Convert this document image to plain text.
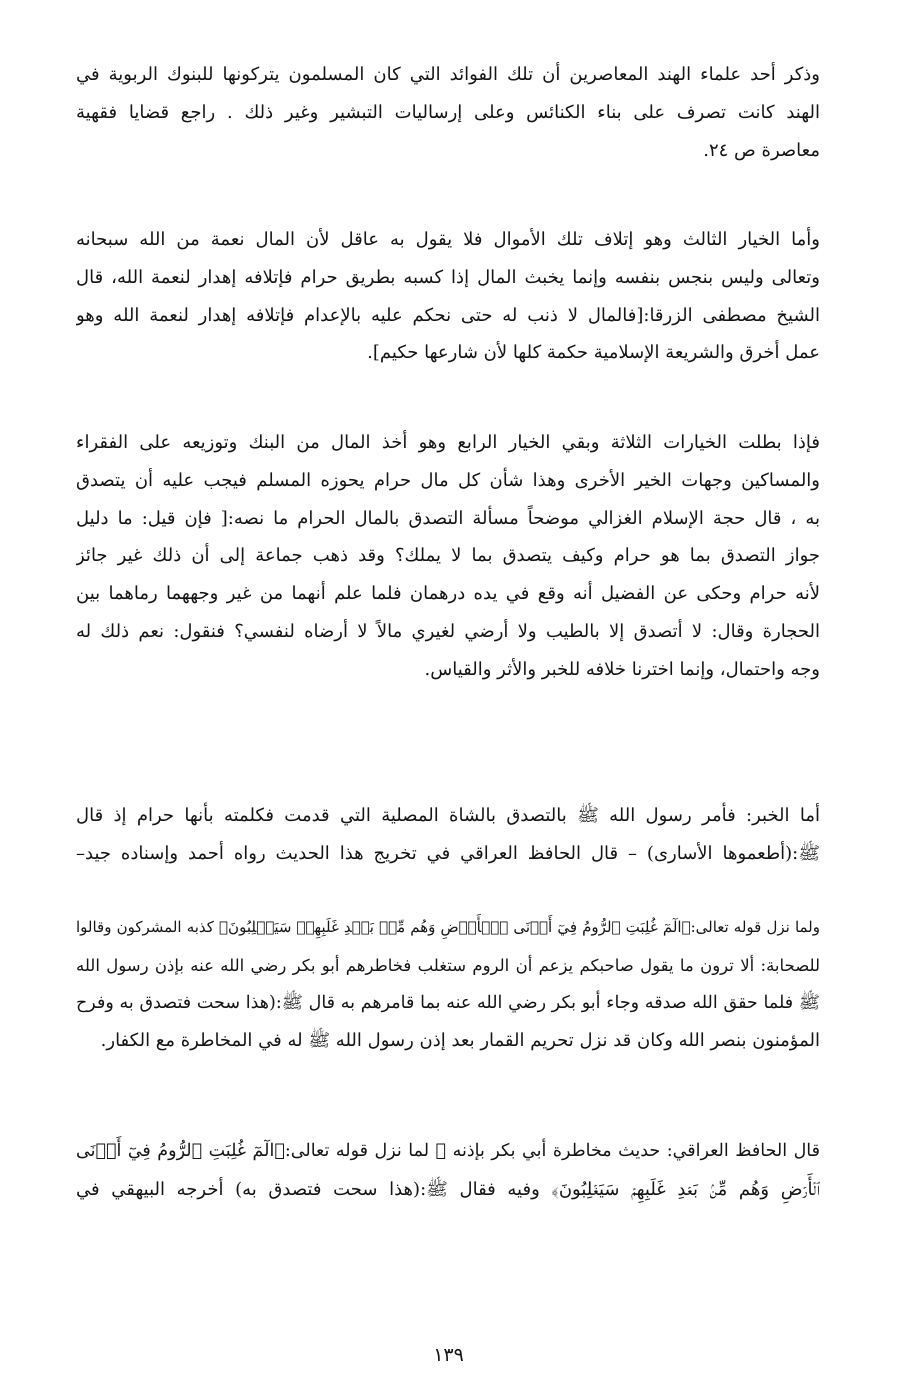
وذكر أحد علماء الهند المعاصرين أن تلك الفوائد التي كان المسلمون يتركونها للبنوك الربوية في
الهند كانت تصرف على بناء الكنائس وعلى إرساليات التبشير وغير ذلك . راجع قضايا فقهية
معاصرة ص ٢٤.
وأما الخيار الثالث وهو إتلاف تلك الأموال فلا يقول به عاقل لأن المال نعمة من الله سبحانه
وتعالى وليس بنجس بنفسه وإنما يخبث المال إذا كسبه بطريق حرام فإتلافه إهدار لنعمة الله، قال
الشيخ مصطفى الزرقا:[فالمال لا ذنب له حتى نحكم عليه بالإعدام فإتلافه إهدار لنعمة الله وهو
عمل أخرق والشريعة الإسلامية حكمة كلها لأن شارعها حكيم].
فإذا بطلت الخيارات الثلاثة وبقي الخيار الرابع وهو أخذ المال من البنك وتوزيعه على الفقراء
والمساكين وجهات الخير الأخرى وهذا شأن كل مال حرام يحوزه المسلم فيجب عليه أن يتصدق
به ، قال حجة الإسلام الغزالي موضحاً مسألة التصدق بالمال الحرام ما نصه:[ فإن قيل: ما دليل
جواز التصدق بما هو حرام وكيف يتصدق بما لا يملك؟ وقد ذهب جماعة إلى أن ذلك غير جائز
لأنه حرام وحكى عن الفضيل أنه وقع في يده درهمان فلما علم أنهما من غير وجههما رماهما بين
الحجارة وقال: لا أتصدق إلا بالطيب ولا أرضي لغيري مالاً لا أرضاه لنفسي؟ فنقول: نعم ذلك له
وجه واحتمال، وإنما اخترنا خلافه للخبر والأثر والقياس.
أما الخبر: فأمر رسول الله ﷺ بالتصدق بالشاة المصلية التي قدمت فكلمته بأنها حرام إذ قال
ﷺ:(أطعموها الأسارى) – قال الحافظ العراقي في تخريج هذا الحديث رواه أحمد وإسناده جيد–
ولما نزل قوله تعالى:﴿الٓمٓ غُلِبَتِ ٱلرُّومُ فِيٓ أَدۡنَى ٱلۡأَرۡضِ وَهُم مِّنۢ بَعۡدِ غَلَبِهِمۡ سَيَغۡلِبُونَ﴾ كذبه المشركون وقالوا
للصحابة: ألا ترون ما يقول صاحبكم يزعم أن الروم ستغلب فخاطرهم أبو بكر رضي الله عنه بإذن رسول الله
ﷺ فلما حقق الله صدقه وجاء أبو بكر رضي الله عنه بما قامرهم به قال ﷺ:(هذا سحت فتصدق به وفرح
المؤمنون بنصر الله وكان قد نزل تحريم القمار بعد إذن رسول الله ﷺ له في المخاطرة مع الكفار.
قال الحافظ العراقي: حديث مخاطرة أبي بكر بإذنه ﷺ لما نزل قوله تعالى:﴿الٓمٓ غُلِبَتِ ٱلرُّومُ فِيٓ أَدۡنَى
ٱلۡأَرۡضِ وَهُم مِّنۢ بَعۡدِ غَلَبِهِمۡ سَيَغۡلِبُونَ﴾ وفيه فقال ﷺ:(هذا سحت فتصدق به) أخرجه البيهقي في
١٣٩
